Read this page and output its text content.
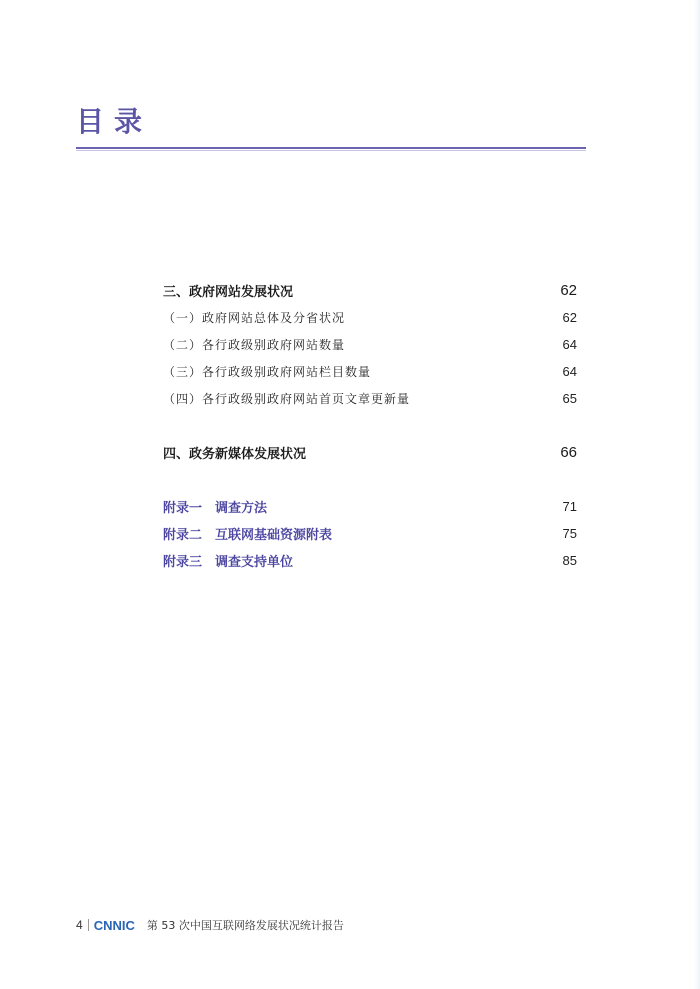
目录
三、政府网站发展状况	62
（一）政府网站总体及分省状况	62
（二）各行政级别政府网站数量	64
（三）各行政级别政府网站栏目数量	64
（四）各行政级别政府网站首页文章更新量	65
四、政务新媒体发展状况	66
附录一　调查方法	71
附录二　互联网基础资源附表	75
附录三　调查支持单位	85
4 CNNIC 第 53 次中国互联网络发展状况统计报告
